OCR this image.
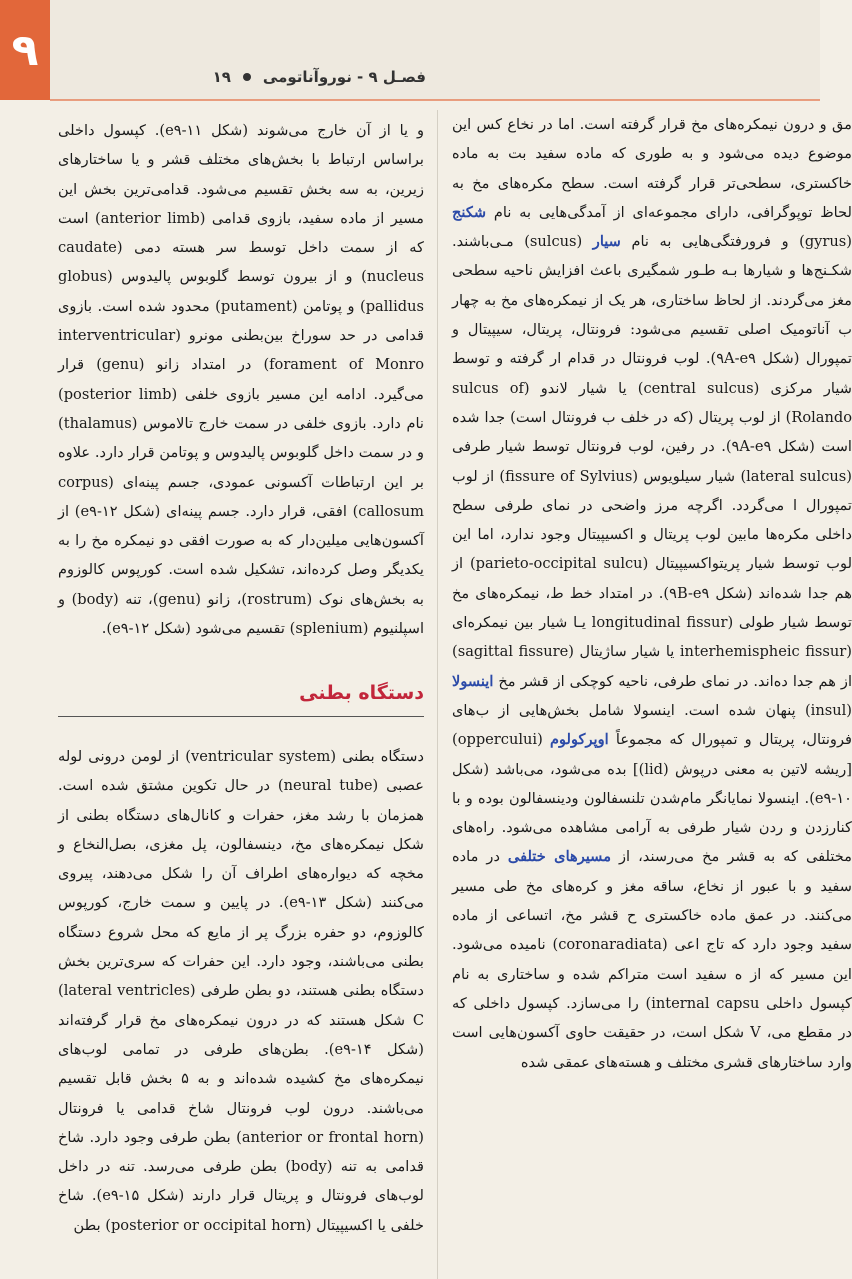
۹
فصـل ۹ - نوروآناتومی
۱۹

و یا از آن خارج می‌شوند (شکل ۱۱-e۹). کپسول داخلی براساس ارتباط با بخش‌های مختلف قشر و یا ساختارهای زیرین، به سه بخش تقسیم می‌شود. قدامی‌ترین بخش این مسیر از ماده سفید، بازوی قدامی (anterior limb) است که از سمت داخل توسط سر هسته دمی (caudate nucleus) و از بیرون توسط گلوبوس پالیدوس (globus pallidus) و پوتامن (putament) محدود شده است. بازوی قدامی در حد سوراخ بین‌بطنی مونرو (interventricular forament of Monro) در امتداد زانو (genu) قرار می‌گیرد. ادامه این مسیر بازوی خلفی (posterior limb) نام دارد. بازوی خلفی در سمت خارج تالاموس (thalamus) و در سمت داخل گلوبوس پالیدوس و پوتامن قرار دارد. علاوه بر این ارتباطات آکسونی عمودی، جسم پینه‌ای (corpus callosum) افقی، قرار دارد. جسم پینه‌ای (شکل ۱۲-e۹) از آکسون‌هایی میلین‌دار که به صورت افقی دو نیمکره مخ را به یکدیگر وصل کرده‌اند، تشکیل شده است. کورپوس کالوزوم به بخش‌های نوک (rostrum)، زانو (genu)، تنه (body) و اسپلنیوم (splenium) تقسیم می‌شود (شکل ۱۲-e۹).

دستگاه بطنی

دستگاه بطنی (ventricular system) از لومن درونی لوله عصبی (neural tube) در حال تکوین مشتق شده است. همزمان با رشد مغز، حفرات و کانال‌های دستگاه بطنی از شکل نیمکره‌های مخ، دینسفالون، پل مغزی، بصل‌النخاع و مخچه که دیواره‌های اطراف آن را شکل می‌دهند، پیروی می‌کنند (شکل ۱۳-e۹). در پایین و سمت خارج، کورپوس کالوزوم، دو حفره بزرگ پر از مایع که محل شروع دستگاه بطنی می‌باشند، وجود دارد. این حفرات که سری‌ترین بخش دستگاه بطنی هستند، دو بطن طرفی (lateral ventricles) C شکل هستند که در درون نیمکره‌های مخ قرار گرفته‌اند (شکل ۱۴-e۹). بطن‌های طرفی در تمامی لوب‌های نیمکره‌های مخ کشیده شده‌اند و به ۵ بخش قابل تقسیم می‌باشند. درون لوب فرونتال شاخ قدامی یا فرونتال (anterior or frontal horn) بطن طرفی وجود دارد. شاخ قدامی به تنه (body) بطن طرفی می‌رسد. تنه در داخل لوب‌های فرونتال و پریتال قرار دارند (شکل ۱۵-e۹). شاخ خلفی یا اکسیپیتال (posterior or occipital horn) بطن

مق و درون نیمکره‌های مخ قرار گرفته است. اما در نخاع کس این موضوع دیده می‌شود و به طوری که ماده سفید بت به ماده خاکستری، سطحی‌تر قرار گرفته است. سطح مکره‌های مخ به لحاظ توپوگرافی، دارای مجموعه‌ای از آمدگی‌هایی به نام شکنج (gyrus) و فرورفتگی‌هایی به نام سیار (sulcus) مـی‌باشند. شکـنج‌ها و شیارها بـه طـور شمگیری باعث افزایش ناحیه سطحی مغز می‌گردند. از لحاظ ساختاری، هر یک از نیمکره‌های مخ به چهار ب آناتومیک اصلی تقسیم می‌شود: فرونتال، پریتال، سیپیتال و تمپورال (شکل ۹A-e۹). لوب فرونتال در قدام ار گرفته و توسط شیار مرکزی (central sulcus) یا شیار لاندو (sulcus of Rolando) از لوب پریتال (که در خلف ب فرونتال است) جدا شده است (شکل ۹A-e۹). در رفین، لوب فرونتال توسط شیار طرفی (lateral sulcus) شیار سیلویوس (fissure of Sylvius) از لوب تمپورال ا می‌گردد. اگرچه مرز واضحی در نمای طرفی سطح داخلی مکره‌ها مابین لوب پریتال و اکسیپیتال وجود ندارد، اما این لوب توسط شیار پریتواکسیپیتال (parieto-occipital sulcu) از هم جدا شده‌اند (شکل ۹B-e۹). در امتداد خط ط، نیمکره‌های مخ توسط شیار طولی (longitudinal fissur یـا شیار بین نیمکره‌ای (interhemispheic fissur یا شیار ساژیتال (sagittal fissure) از هم جدا ده‌اند. در نمای طرفی، ناحیه کوچکی از قشر مخ اینسولا (insul) پنهان شده است. اینسولا شامل بخش‌هایی از ب‌های فرونتال، پریتال و تمپورال که مجموعاً اوپرکولوم (oppercului) [ریشه لاتین به معنی درپوش (lid)] بده می‌شود، می‌باشد (شکل ۱۰-e۹). اینسولا نمایانگر مام‌شدن تلنسفالون ودینسفالون بوده و با کنارزدن و ردن شیار طرفی به آرامی مشاهده می‌شود. راه‌های مختلفی که به قشر مخ می‌رسند، از مسیرهای ختلفی در ماده سفید و با عبور از نخاع، ساقه مغز و کره‌های مخ طی مسیر می‌کنند. در عمق ماده خاکستری ح قشر مخ، اتساعی از ماده سفید وجود دارد که تاج اعی (coronaradiata) نامیده می‌شود. این مسیر که از ه سفید است متراکم شده و ساختاری به نام کپسول داخلی internal capsu) را می‌سازد. کپسول داخلی که در مقطع می، V شکل است، در حقیقت حاوی آکسون‌هایی است وارد ساختارهای قشری مختلف و هسته‌های عمقی شده
